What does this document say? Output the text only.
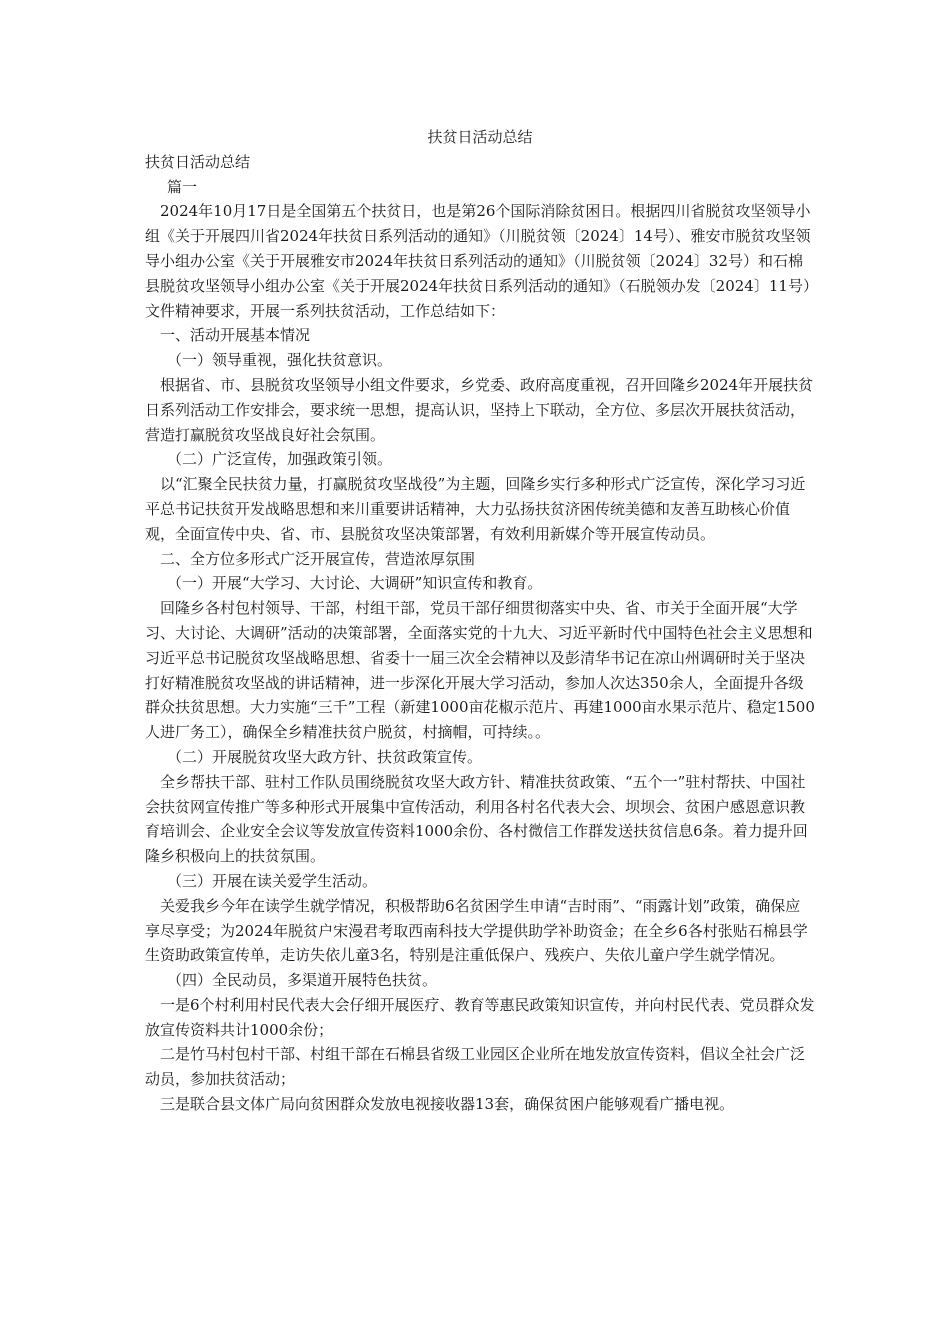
扶贫日活动总结

扶贫日活动总结

篇一

2024年10月17日是全国第五个扶贫日，也是第26个国际消除贫困日。根据四川省脱贫攻坚领导小组《关于开展四川省2024年扶贫日系列活动的通知》（川脱贫领〔2024〕14号）、雅安市脱贫攻坚领导小组办公室《关于开展雅安市2024年扶贫日系列活动的通知》（川脱贫领〔2024〕32号）和石棉县脱贫攻坚领导小组办公室《关于开展2024年扶贫日系列活动的通知》（石脱领办发〔2024〕11号）文件精神要求，开展一系列扶贫活动，工作总结如下：

一、活动开展基本情况

（一）领导重视，强化扶贫意识。

根据省、市、县脱贫攻坚领导小组文件要求，乡党委、政府高度重视，召开回隆乡2024年开展扶贫日系列活动工作安排会，要求统一思想，提高认识，坚持上下联动，全方位、多层次开展扶贫活动，营造打赢脱贫攻坚战良好社会氛围。

（二）广泛宣传，加强政策引领。

以“汇聚全民扶贫力量，打赢脱贫攻坚战役”为主题，回隆乡实行多种形式广泛宣传，深化学习习近平总书记扶贫开发战略思想和来川重要讲话精神，大力弘扬扶贫济困传统美德和友善互助核心价值观，全面宣传中央、省、市、县脱贫攻坚决策部署，有效利用新媒介等开展宣传动员。

二、全方位多形式广泛开展宣传，营造浓厚氛围

（一）开展“大学习、大讨论、大调研”知识宣传和教育。

回隆乡各村包村领导、干部，村组干部，党员干部仔细贯彻落实中央、省、市关于全面开展“大学习、大讨论、大调研”活动的决策部署，全面落实党的十九大、习近平新时代中国特色社会主义思想和习近平总书记脱贫攻坚战略思想、省委十一届三次全会精神以及彭清华书记在凉山州调研时关于坚决打好精准脱贫攻坚战的讲话精神，进一步深化开展大学习活动，参加人次达350余人，全面提升各级群众扶贫思想。大力实施“三千”工程（新建1000亩花椒示范片、再建1000亩水果示范片、稳定1500人进厂务工），确保全乡精准扶贫户脱贫，村摘帽，可持续。。

（二）开展脱贫攻坚大政方针、扶贫政策宣传。

全乡帮扶干部、驻村工作队员围绕脱贫攻坚大政方针、精准扶贫政策、“五个一”驻村帮扶、中国社会扶贫网宣传推广等多种形式开展集中宣传活动，利用各村名代表大会、坝坝会、贫困户感恩意识教育培训会、企业安全会议等发放宣传资料1000余份、各村微信工作群发送扶贫信息6条。着力提升回隆乡积极向上的扶贫氛围。

（三）开展在读关爱学生活动。

关爱我乡今年在读学生就学情况，积极帮助6名贫困学生申请“吉时雨”、“雨露计划”政策，确保应享尽享受；为2024年脱贫户宋漫君考取西南科技大学提供助学补助资金；在全乡6各村张贴石棉县学生资助政策宣传单，走访失依儿童3名，特别是注重低保户、残疾户、失依儿童户学生就学情况。

（四）全民动员，多渠道开展特色扶贫。

一是6个村利用村民代表大会仔细开展医疗、教育等惠民政策知识宣传，并向村民代表、党员群众发放宣传资料共计1000余份；

二是竹马村包村干部、村组干部在石棉县省级工业园区企业所在地发放宣传资料，倡议全社会广泛动员，参加扶贫活动；

三是联合县文体广局向贫困群众发放电视接收器13套，确保贫困户能够观看广播电视。
